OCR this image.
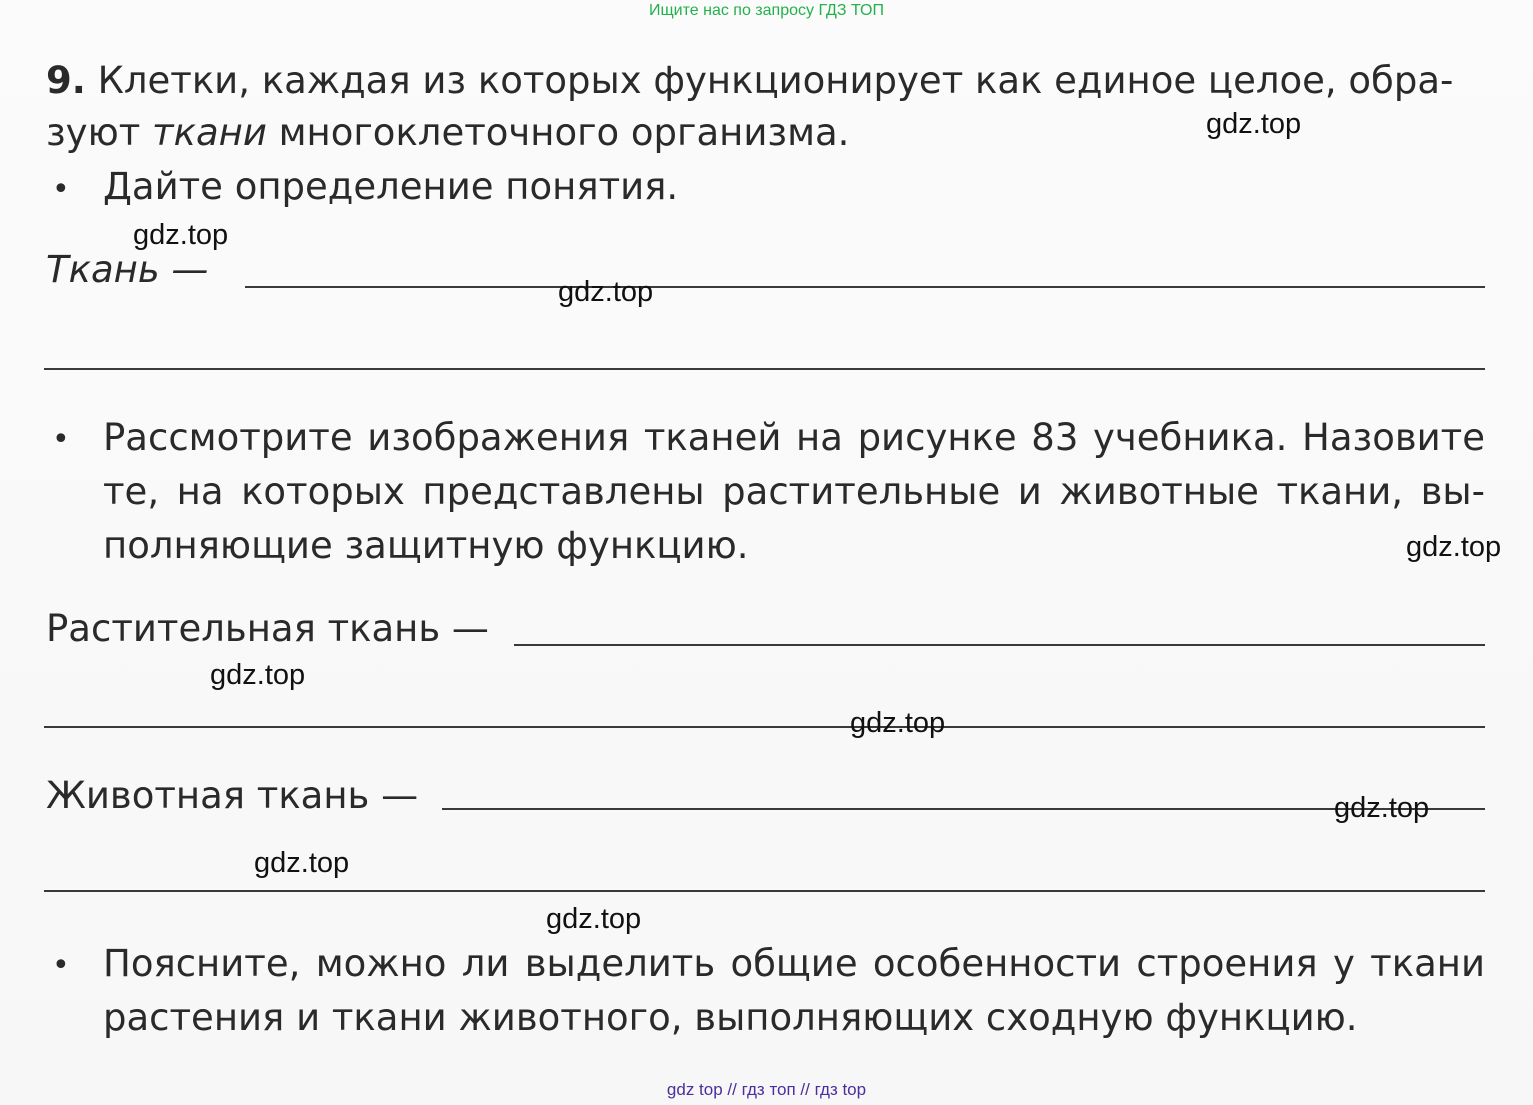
Ищите нас по запросу ГДЗ ТОП
9. Клетки, каждая из которых функционирует как единое целое, обра-
зуют ткани многоклеточного организма.
• Дайте определение понятия.
Ткань —
• Рассмотрите изображения тканей на рисунке 83 учебника. Назовите
те, на которых представлены растительные и животные ткани, вы-
полняющие защитную функцию.
Растительная ткань —
Животная ткань —
• Поясните, можно ли выделить общие особенности строения у ткани
растения и ткани животного, выполняющих сходную функцию.
gdz.top
gdz.top
gdz.top
gdz.top
gdz.top
gdz.top
gdz.top
gdz.top
gdz.top
gdz top // гдз топ // гдз top
